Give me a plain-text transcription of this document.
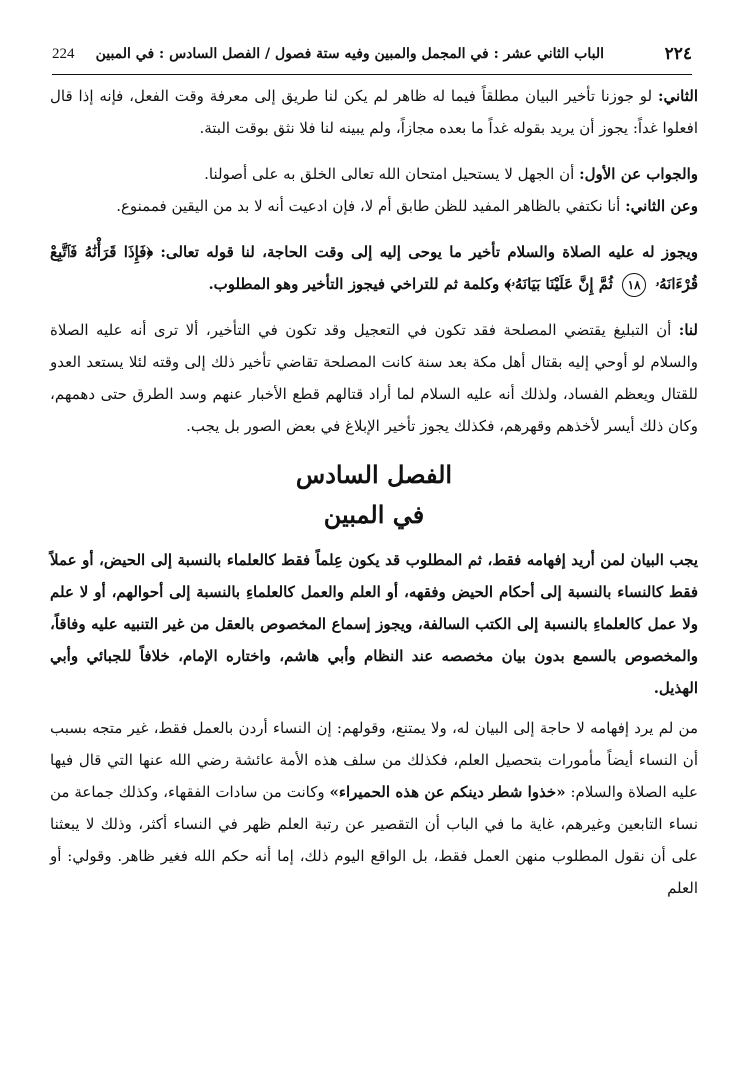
٢٢٤
الباب الثاني عشر : في المجمل والمبين وفيه ستة فصول / الفصل السادس : في المبين
224

الثاني: لو جوزنا تأخير البيان مطلقاً فيما له ظاهر لم يكن لنا طريق إلى معرفة وقت الفعل، فإنه إذا قال افعلوا غداً: يجوز أن يريد بقوله غداً ما بعده مجازاً، ولم يبينه لنا فلا نثق بوقت البتة.

والجواب عن الأول: أن الجهل لا يستحيل امتحان الله تعالى الخلق به على أصولنا.

وعن الثاني: أنا نكتفي بالظاهر المفيد للظن طابق أم لا، فإن ادعيت أنه لا بد من اليقين فممنوع.

ويجوز له عليه الصلاة والسلام تأخير ما يوحى إليه إلى وقت الحاجة، لنا قوله تعالى: ﴿فَإِذَا قَرَأْنَٰهُ فَٱتَّبِعْ قُرْءَانَهُۥ ١٨ ثُمَّ إِنَّ عَلَيْنَا بَيَانَهُۥ﴾ وكلمة ثم للتراخي فيجوز التأخير وهو المطلوب.

لنا: أن التبليغ يقتضي المصلحة فقد تكون في التعجيل وقد تكون في التأخير، ألا ترى أنه عليه الصلاة والسلام لو أوحي إليه بقتال أهل مكة بعد سنة كانت المصلحة تقاضي تأخير ذلك إلى وقته لئلا يستعد العدو للقتال ويعظم الفساد، ولذلك أنه عليه السلام لما أراد قتالهم قطع الأخبار عنهم وسد الطرق حتى دهمهم، وكان ذلك أيسر لأخذهم وقهرهم، فكذلك يجوز تأخير الإبلاغ في بعض الصور بل يجب.

الفصل السادس

في المبين

يجب البيان لمن أريد إفهامه فقط، ثم المطلوب قد يكون عِلماً فقط كالعلماء بالنسبة إلى الحيض، أو عملاً فقط كالنساء بالنسبة إلى أحكام الحيض وفقهه، أو العلم والعمل كالعلماءِ بالنسبة إلى أحوالهم، أو لا علم ولا عمل كالعلماءِ بالنسبة إلى الكتب السالفة، ويجوز إسماع المخصوص بالعقل من غير التنبيه عليه وفاقاً، والمخصوص بالسمع بدون بيان مخصصه عند النظام وأبي هاشم، واختاره الإمام، خلافاً للجبائي وأبي الهذيل.

من لم يرد إفهامه لا حاجة إلى البيان له، ولا يمتنع، وقولهم: إن النساء أردن بالعمل فقط، غير متجه بسبب أن النساء أيضاً مأمورات بتحصيل العلم، فكذلك من سلف هذه الأمة عائشة رضي الله عنها التي قال فيها عليه الصلاة والسلام: «خذوا شطر دينكم عن هذه الحميراء» وكانت من سادات الفقهاء، وكذلك جماعة من نساء التابعين وغيرهم، غاية ما في الباب أن التقصير عن رتبة العلم ظهر في النساء أكثر، وذلك لا يبعثنا على أن نقول المطلوب منهن العمل فقط، بل الواقع اليوم ذلك، إما أنه حكم الله فغير ظاهر. وقولي: أو العلم
